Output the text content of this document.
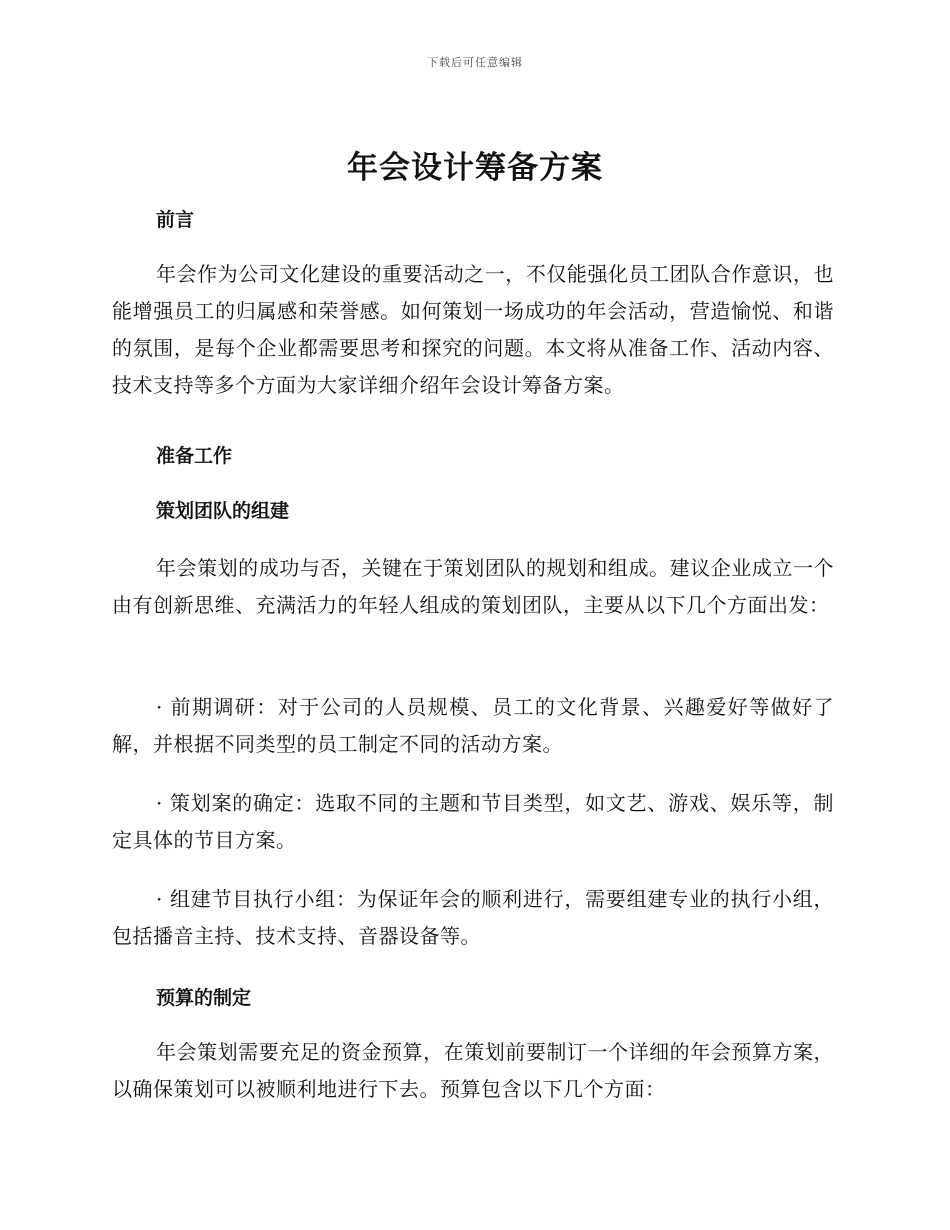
下载后可任意编辑
年会设计筹备方案

前言

年会作为公司文化建设的重要活动之一，不仅能强化员工团队合作意识，也能增强员工的归属感和荣誉感。如何策划一场成功的年会活动，营造愉悦、和谐的氛围，是每个企业都需要思考和探究的问题。本文将从准备工作、活动内容、技术支持等多个方面为大家详细介绍年会设计筹备方案。

准备工作

策划团队的组建

年会策划的成功与否，关键在于策划团队的规划和组成。建议企业成立一个由有创新思维、充满活力的年轻人组成的策划团队，主要从以下几个方面出发：

· 前期调研：对于公司的人员规模、员工的文化背景、兴趣爱好等做好了解，并根据不同类型的员工制定不同的活动方案。

· 策划案的确定：选取不同的主题和节目类型，如文艺、游戏、娱乐等，制定具体的节目方案。

· 组建节目执行小组：为保证年会的顺利进行，需要组建专业的执行小组，包括播音主持、技术支持、音器设备等。

预算的制定

年会策划需要充足的资金预算，在策划前要制订一个详细的年会预算方案，以确保策划可以被顺利地进行下去。预算包含以下几个方面：
